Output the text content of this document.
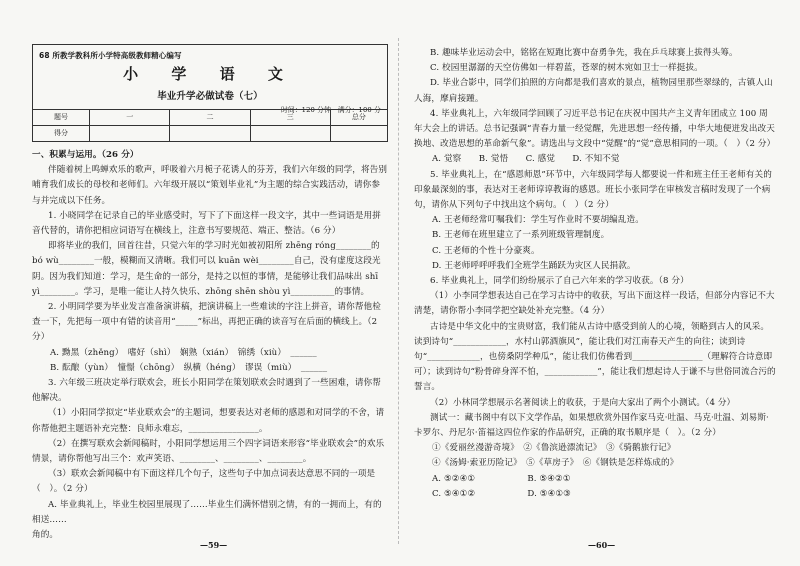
68 所教学教科所小学特高级教师精心编写
小 学 语 文
毕业升学必做试卷（七）
时间：120 分钟　满分：100 分
题号	一	二	三	总分
得分				

一、积累与运用。（26 分）

伴随着树上鸣蝉欢乐的歌声，呼吸着六月栀子花诱人的芬芳，我们六年级的同学，将告别哺育我们成长的母校和老师们。六年级开展以“策划毕业礼”为主题的综合实践活动，请你参与并完成以下任务。

1. 小晓同学在记录自己的毕业感受时，写下了下面这样一段文字，其中一些词语是用拼音代替的，请你把相应词语写在横线上，注意书写要规范、端正、整洁。（6 分）

即将毕业的我们，回首往昔，只觉六年的学习时光如被初阳所 zhēng róng________的 bó wù________一般，模糊而又清晰。我们可以 kuān wèi________自己，没有虚度这段光阴。因为我们知道：学习，是生命的一部分，是持之以恒的事情，是能够让我们品味出 shī yì________。学习，是唯一能让人持久快乐、zhōng shēn shòu yì__________的事情。

2. 小明同学要为毕业发言准备演讲稿，把演讲稿上一些难读的字注上拼音，请你帮他检查一下，先把每一项中有错的读音用“_____”标出，再把正确的读音写在后面的横线上。（2 分）

A. 黝黑（zhěng）　嗜好（shì）　娴熟（xián）　锦绣（xiù）　______

B. 酝酿（yùn）　憧憬（chōng）　纵横（héng）　谬误（miù）　______

3. 六年级三班决定举行联欢会，班长小阳同学在策划联欢会时遇到了一些困难，请你帮他解决。

（1）小阳同学拟定“毕业联欢会”的主题词，想要表达对老师的感恩和对同学的不舍，请你帮他把主题语补充完整：良师永难忘，________________。

（2）在撰写联欢会新闻稿时，小阳同学想运用三个四字词语来形容“毕业联欢会”的欢乐情景，请你帮他写出三个：欢声笑语、________、________、________。

（3）联欢会新闻稿中有下面这样几个句子，这些句子中加点词表达意思不同的一项是（　）。（2 分）

A. 毕业典礼上，毕业生校园里展现了……毕业生们满怀惜别之情，有的一拥而上，有的相送……

角的。

B. 趣味毕业运动会中，铭铭在短跑比赛中奋勇争先，我在乒乓球赛上拔得头筹。

C. 校园里潺潺的天空仿佛如一样碧蓝，苍翠的树木宛如卫士一样挺拔。

D. 毕业合影中，同学们拍照的方向都是我们喜欢的景点，植物园里那些翠绿的，古镇人山人海，摩肩接踵。

4. 毕业典礼上，六年级同学回顾了习近平总书记在庆祝中国共产主义青年团成立 100 周年大会上的讲话。总书记强调“青春力量一经觉醒，先进思想一经传播，中华大地便迸发出改天换地、改造思想的革命新气象”。请选出与文段中“觉醒”的“觉”意思相同的一项。（　）（2 分）

A. 觉察　　B. 觉悟　　C. 感觉　　D. 不知不觉

5. 毕业典礼上，在“感恩师恩”环节中，六年级同学每人都要说一件和班主任王老师有关的印象最深刻的事，表达对王老师谆谆教诲的感恩。班长小张同学在审核发言稿时发现了一个病句，请你从下列句子中找出这个病句。（　）（2 分）

A. 王老师经常叮嘱我们：学生写作业时不要胡编乱造。

B. 王老师在班里建立了一系列班级管理制度。

C. 王老师的个性十分豪爽。

D. 王老师呼呼呼我们全班学生踊跃为灾区人民捐款。

6. 毕业典礼上，同学们纷纷展示了自己六年来的学习收获。（8 分）

（1）小李同学想表达自己在学习古诗中的收获，写出下面这样一段话，但部分内容记不大清楚，请你帮小李同学把空缺处补充完整。（4 分）

古诗是中华文化中的宝贵财富，我们能从古诗中感受到前人的心境，领略到古人的风采。读到诗句“____________，水村山郭酒旗风”，能让我们对江南春天产生的向往；读到诗句“____________，也傍桑阴学种瓜”，能让我们仿佛看到________________（理解符合诗意即可）；读到诗句“粉骨碎身浑不怕，____________”，能让我们想起诗人于谦不与世俗同流合污的誓言。

（2）小林同学想展示名著阅读上的收获，于是向大家出了两个小测试。（4 分）

测试一：藏书阁中有以下文学作品，如果想欣赏外国作家马克·吐温、马克·吐温、刘易斯·卡罗尔、丹尼尔·笛福这四位作家的作品研究，正确的取书顺序是（　）。（2 分）

①《爱丽丝漫游奇境》　②《鲁滨逊漂流记》　③《骑鹅旅行记》

④《汤姆·索亚历险记》　⑤《草房子》　⑥《钢铁是怎样炼成的》

A. ⑤②④①　　　　　　B. ⑤④②①

C. ⑤④①②　　　　　　D. ⑤④①③

—59—	—60—
